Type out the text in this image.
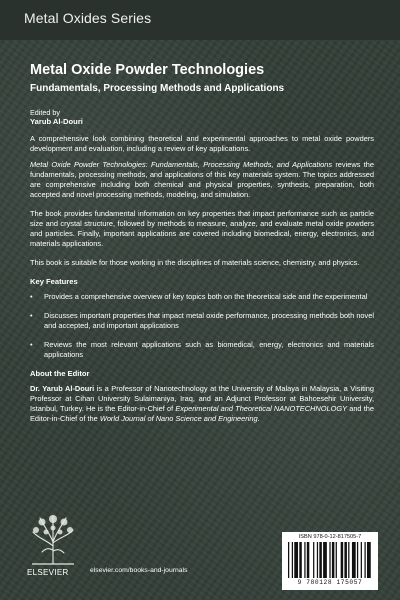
Metal Oxides Series
Metal Oxide Powder Technologies
Fundamentals, Processing Methods and Applications
Edited by
Yarub Al-Douri

A comprehensive look combining theoretical and experimental approaches to metal oxide powders development and evaluation, including a review of key applications.

Metal Oxide Powder Technologies: Fundamentals, Processing Methods, and Applications reviews the fundamentals, processing methods, and applications of this key materials system. The topics addressed are comprehensive including both chemical and physical properties, synthesis, preparation, both accepted and novel processing methods, modeling, and simulation.

The book provides fundamental information on key properties that impact performance such as particle size and crystal structure, followed by methods to measure, analyze, and evaluate metal oxide powders and particles. Finally, important applications are covered including biomedical, energy, electronics, and materials applications.

This book is suitable for those working in the disciplines of materials science, chemistry, and physics.

Key Features
• Provides a comprehensive overview of key topics both on the theoretical side and the experimental

• Discusses important properties that impact metal oxide performance, processing methods both novel and accepted, and important applications

• Reviews the most relevant applications such as biomedical, energy, electronics and materials applications

About the Editor

Dr. Yarub Al-Douri is a Professor of Nanotechnology at the University of Malaya in Malaysia, a Visiting Professor at Cihan University Sulaimaniya, Iraq, and an Adjunct Professor at Bahcesehir University, Istanbul, Turkey. He is the Editor-in-Chief of Experimental and Theoretical NANOTECHNOLOGY and the Editor-in-Chief of the World Journal of Nano Science and Engineering.

ELSEVIER	elsevier.com/books-and-journals
ISBN 978-0-12-817505-7
9 780128 175057
